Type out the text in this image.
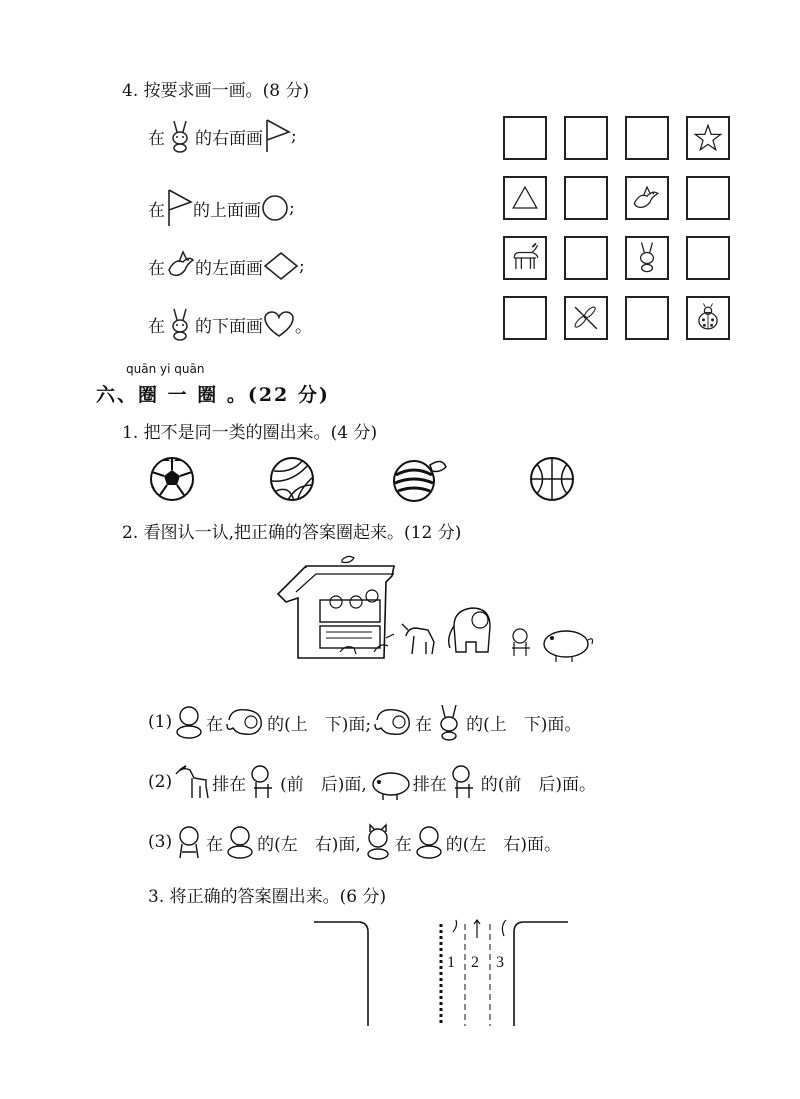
4. 按要求画一画。(8 分)
在 的右面画 ;
在 的上面画 ;
在 的左面画 ;
在 的下面画 。
quān yi quān
六、圈 一 圈 。(22 分)
1. 把不是同一类的圈出来。(4 分)
2. 看图认一认,把正确的答案圈起来。(12 分)
(1) 在	的(上　下)面;	在 的(上　下)面。
(2) 排在 (前　后)面,	排在 的(前　后)面。
(3) 在 的(左　右)面, 在 的(左　右)面。
3. 将正确的答案圈出来。(6 分)
1 2 3
